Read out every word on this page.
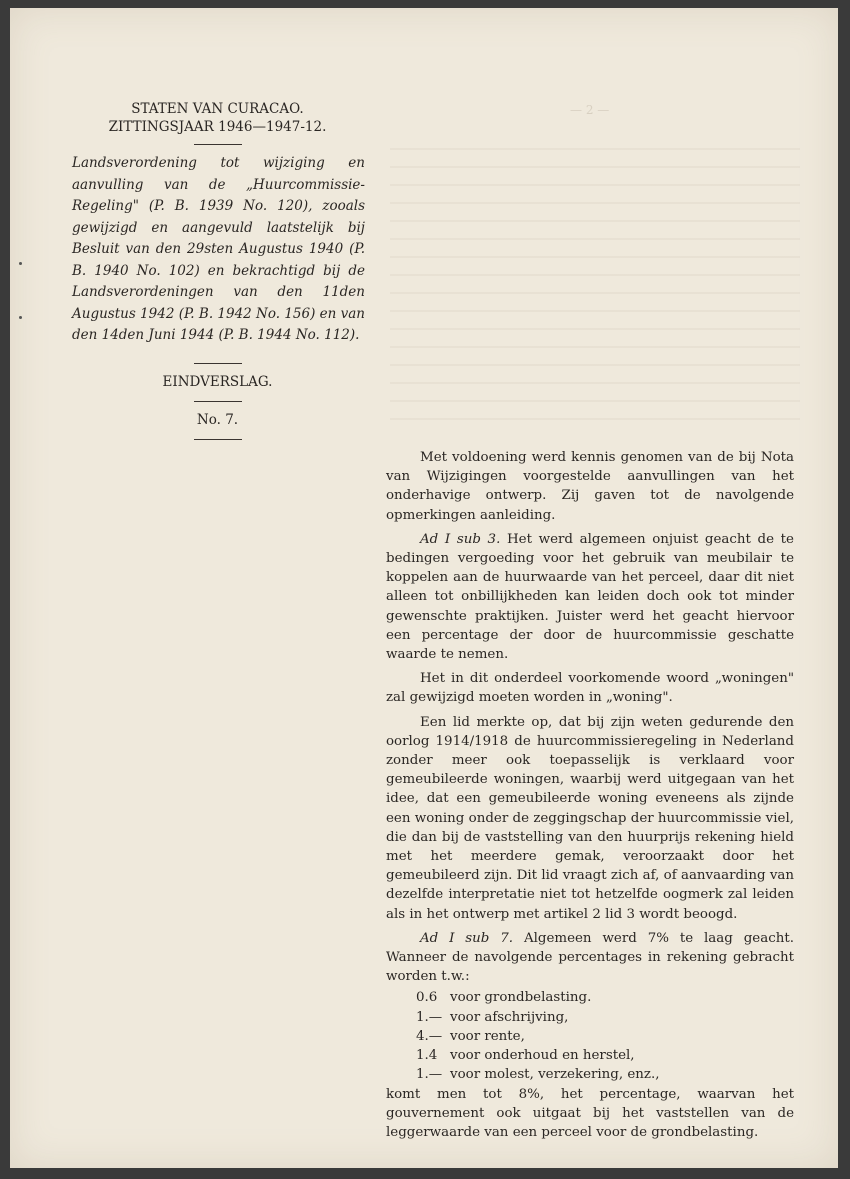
— 2 —
STATEN VAN CURACAO.
ZITTINGSJAAR 1946—1947-12.
Landsverordening tot wijziging en aanvulling van de „Huurcommissie-Regeling" (P. B. 1939 No. 120), zooals gewijzigd en aangevuld laatstelijk bij Besluit van den 29sten Augustus 1940 (P. B. 1940 No. 102) en bekrachtigd bij de Landsverordeningen van den 11den Augustus 1942 (P. B. 1942 No. 156) en van den 14den Juni 1944 (P. B. 1944 No. 112).
EINDVERSLAG.
No. 7.

Met voldoening werd kennis genomen van de bij Nota van Wijzigingen voorgestelde aanvullingen van het onderhavige ontwerp. Zij gaven tot de navolgende opmerkingen aanleiding.

Ad I sub 3. Het werd algemeen onjuist geacht de te bedingen vergoeding voor het gebruik van meubilair te koppelen aan de huurwaarde van het perceel, daar dit niet alleen tot onbillijkheden kan leiden doch ook tot minder gewenschte praktijken. Juister werd het geacht hiervoor een percentage der door de huurcommissie geschatte waarde te nemen.

Het in dit onderdeel voorkomende woord „woningen" zal gewijzigd moeten worden in „woning".

Een lid merkte op, dat bij zijn weten gedurende den oorlog 1914/1918 de huurcommissieregeling in Nederland zonder meer ook toepasselijk is verklaard voor gemeubileerde woningen, waarbij werd uitgegaan van het idee, dat een gemeubileerde woning eveneens als zijnde een woning onder de zeggingschap der huurcommissie viel, die dan bij de vaststelling van den huurprijs rekening hield met het meerdere gemak, veroorzaakt door het gemeubileerd zijn. Dit lid vraagt zich af, of aanvaarding van dezelfde interpretatie niet tot hetzelfde oogmerk zal leiden als in het ontwerp met artikel 2 lid 3 wordt beoogd.

Ad I sub 7. Algemeen werd 7% te laag geacht. Wanneer de navolgende percentages in rekening gebracht worden t.w.:

0.6 voor grondbelasting.
1.— voor afschrijving,
4.— voor rente,
1.4 voor onderhoud en herstel,
1.— voor molest, verzekering, enz.,

komt men tot 8%, het percentage, waarvan het gouvernement ook uitgaat bij het vaststellen van de leggerwaarde van een perceel voor de grondbelasting.
